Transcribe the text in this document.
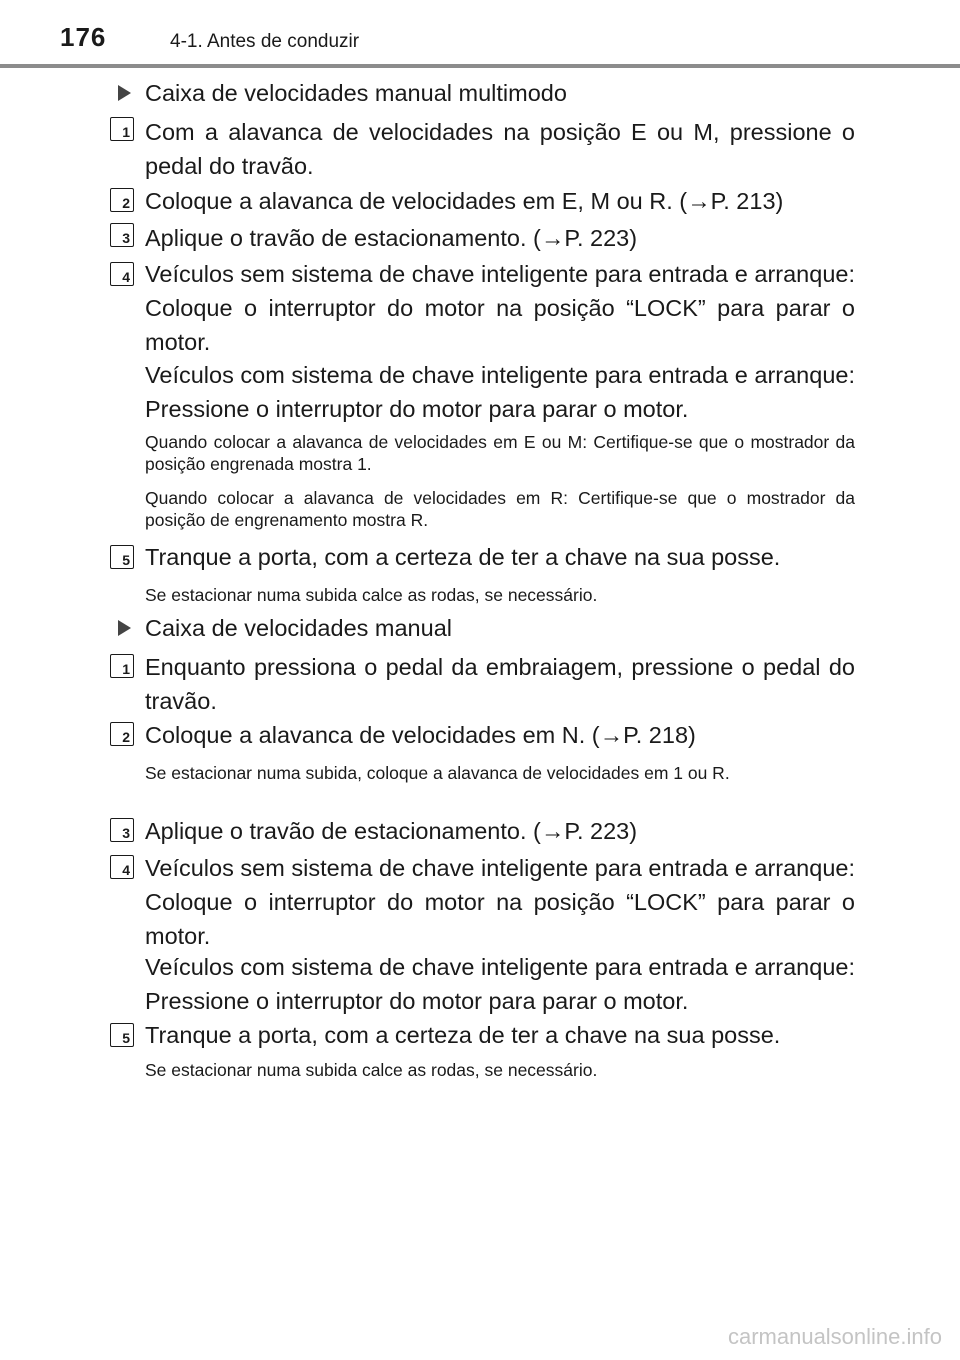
176	4-1. Antes de conduzir
Caixa de velocidades manual multimodo
1 Com a alavanca de velocidades na posição E ou M, pressione o pedal do travão.
2 Coloque a alavanca de velocidades em E, M ou R. (→P. 213)
3 Aplique o travão de estacionamento. (→P. 223)
4 Veículos sem sistema de chave inteligente para entrada e arranque: Coloque o interruptor do motor na posição “LOCK” para parar o motor.
Veículos com sistema de chave inteligente para entrada e arranque: Pressione o interruptor do motor para parar o motor.
Quando colocar a alavanca de velocidades em E ou M: Certifique-se que o mostrador da posição engrenada mostra 1.
Quando colocar a alavanca de velocidades em R: Certifique-se que o mostrador da posição de engrenamento mostra R.
5 Tranque a porta, com a certeza de ter a chave na sua posse.
Se estacionar numa subida calce as rodas, se necessário.
Caixa de velocidades manual
1 Enquanto pressiona o pedal da embraiagem, pressione o pedal do travão.
2 Coloque a alavanca de velocidades em N. (→P. 218)
Se estacionar numa subida, coloque a alavanca de velocidades em 1 ou R.
3 Aplique o travão de estacionamento. (→P. 223)
4 Veículos sem sistema de chave inteligente para entrada e arranque: Coloque o interruptor do motor na posição “LOCK” para parar o motor.
Veículos com sistema de chave inteligente para entrada e arranque: Pressione o interruptor do motor para parar o motor.
5 Tranque a porta, com a certeza de ter a chave na sua posse.
Se estacionar numa subida calce as rodas, se necessário.
carmanualsonline.info
